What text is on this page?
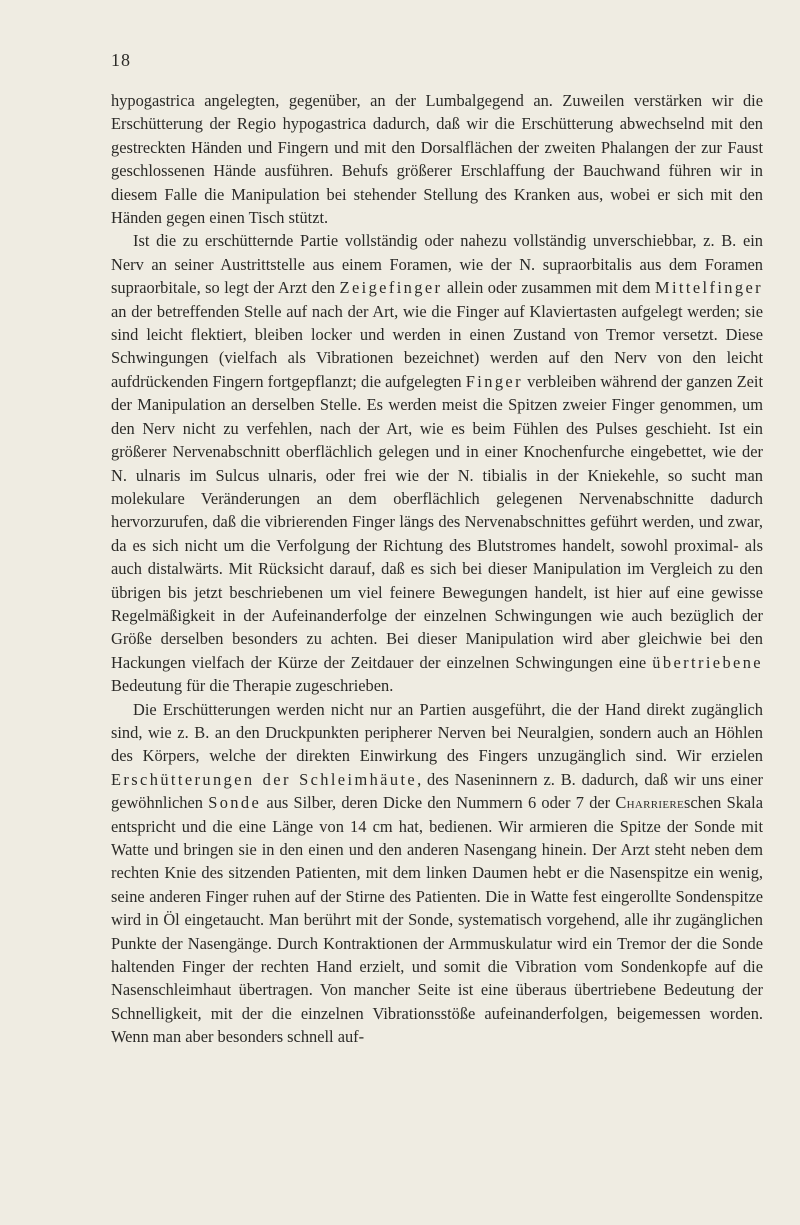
18

hypogastrica angelegten, gegenüber, an der Lumbalgegend an. Zuweilen verstärken wir die Erschütterung der Regio hypogastrica dadurch, daß wir die Erschütterung abwechselnd mit den gestreckten Händen und Fingern und mit den Dorsalflächen der zweiten Phalangen der zur Faust geschlossenen Hände ausführen. Behufs größerer Erschlaffung der Bauchwand führen wir in diesem Falle die Manipulation bei stehender Stellung des Kranken aus, wobei er sich mit den Händen gegen einen Tisch stützt.

Ist die zu erschütternde Partie vollständig oder nahezu vollständig unverschiebbar, z. B. ein Nerv an seiner Austrittstelle aus einem Foramen, wie der N. supraorbitalis aus dem Foramen supraorbitale, so legt der Arzt den Zeigefinger allein oder zusammen mit dem Mittelfinger an der betreffenden Stelle auf nach der Art, wie die Finger auf Klaviertasten aufgelegt werden; sie sind leicht flektiert, bleiben locker und werden in einen Zustand von Tremor versetzt. Diese Schwingungen (vielfach als Vibrationen bezeichnet) werden auf den Nerv von den leicht aufdrückenden Fingern fortgepflanzt; die aufgelegten Finger verbleiben während der ganzen Zeit der Manipulation an derselben Stelle. Es werden meist die Spitzen zweier Finger genommen, um den Nerv nicht zu verfehlen, nach der Art, wie es beim Fühlen des Pulses geschieht. Ist ein größerer Nervenabschnitt oberflächlich gelegen und in einer Knochenfurche eingebettet, wie der N. ulnaris im Sulcus ulnaris, oder frei wie der N. tibialis in der Kniekehle, so sucht man molekulare Veränderungen an dem oberflächlich gelegenen Nervenabschnitte dadurch hervorzurufen, daß die vibrierenden Finger längs des Nervenabschnittes geführt werden, und zwar, da es sich nicht um die Verfolgung der Richtung des Blutstromes handelt, sowohl proximal- als auch distalwärts. Mit Rücksicht darauf, daß es sich bei dieser Manipulation im Vergleich zu den übrigen bis jetzt beschriebenen um viel feinere Bewegungen handelt, ist hier auf eine gewisse Regelmäßigkeit in der Aufeinanderfolge der einzelnen Schwingungen wie auch bezüglich der Größe derselben besonders zu achten. Bei dieser Manipulation wird aber gleichwie bei den Hackungen vielfach der Kürze der Zeitdauer der einzelnen Schwingungen eine übertriebene Bedeutung für die Therapie zugeschrieben.

Die Erschütterungen werden nicht nur an Partien ausgeführt, die der Hand direkt zugänglich sind, wie z. B. an den Druckpunkten peripherer Nerven bei Neuralgien, sondern auch an Höhlen des Körpers, welche der direkten Einwirkung des Fingers unzugänglich sind. Wir erzielen Erschütterungen der Schleimhäute, des Naseninnern z. B. dadurch, daß wir uns einer gewöhnlichen Sonde aus Silber, deren Dicke den Nummern 6 oder 7 der Charriereschen Skala entspricht und die eine Länge von 14 cm hat, bedienen. Wir armieren die Spitze der Sonde mit Watte und bringen sie in den einen und den anderen Nasengang hinein. Der Arzt steht neben dem rechten Knie des sitzenden Patienten, mit dem linken Daumen hebt er die Nasenspitze ein wenig, seine anderen Finger ruhen auf der Stirne des Patienten. Die in Watte fest eingerollte Sondenspitze wird in Öl eingetaucht. Man berührt mit der Sonde, systematisch vorgehend, alle ihr zugänglichen Punkte der Nasengänge. Durch Kontraktionen der Armmuskulatur wird ein Tremor der die Sonde haltenden Finger der rechten Hand erzielt, und somit die Vibration vom Sondenkopfe auf die Nasenschleimhaut übertragen. Von mancher Seite ist eine überaus übertriebene Bedeutung der Schnelligkeit, mit der die einzelnen Vibrationsstöße aufeinanderfolgen, beigemessen worden. Wenn man aber besonders schnell auf-
